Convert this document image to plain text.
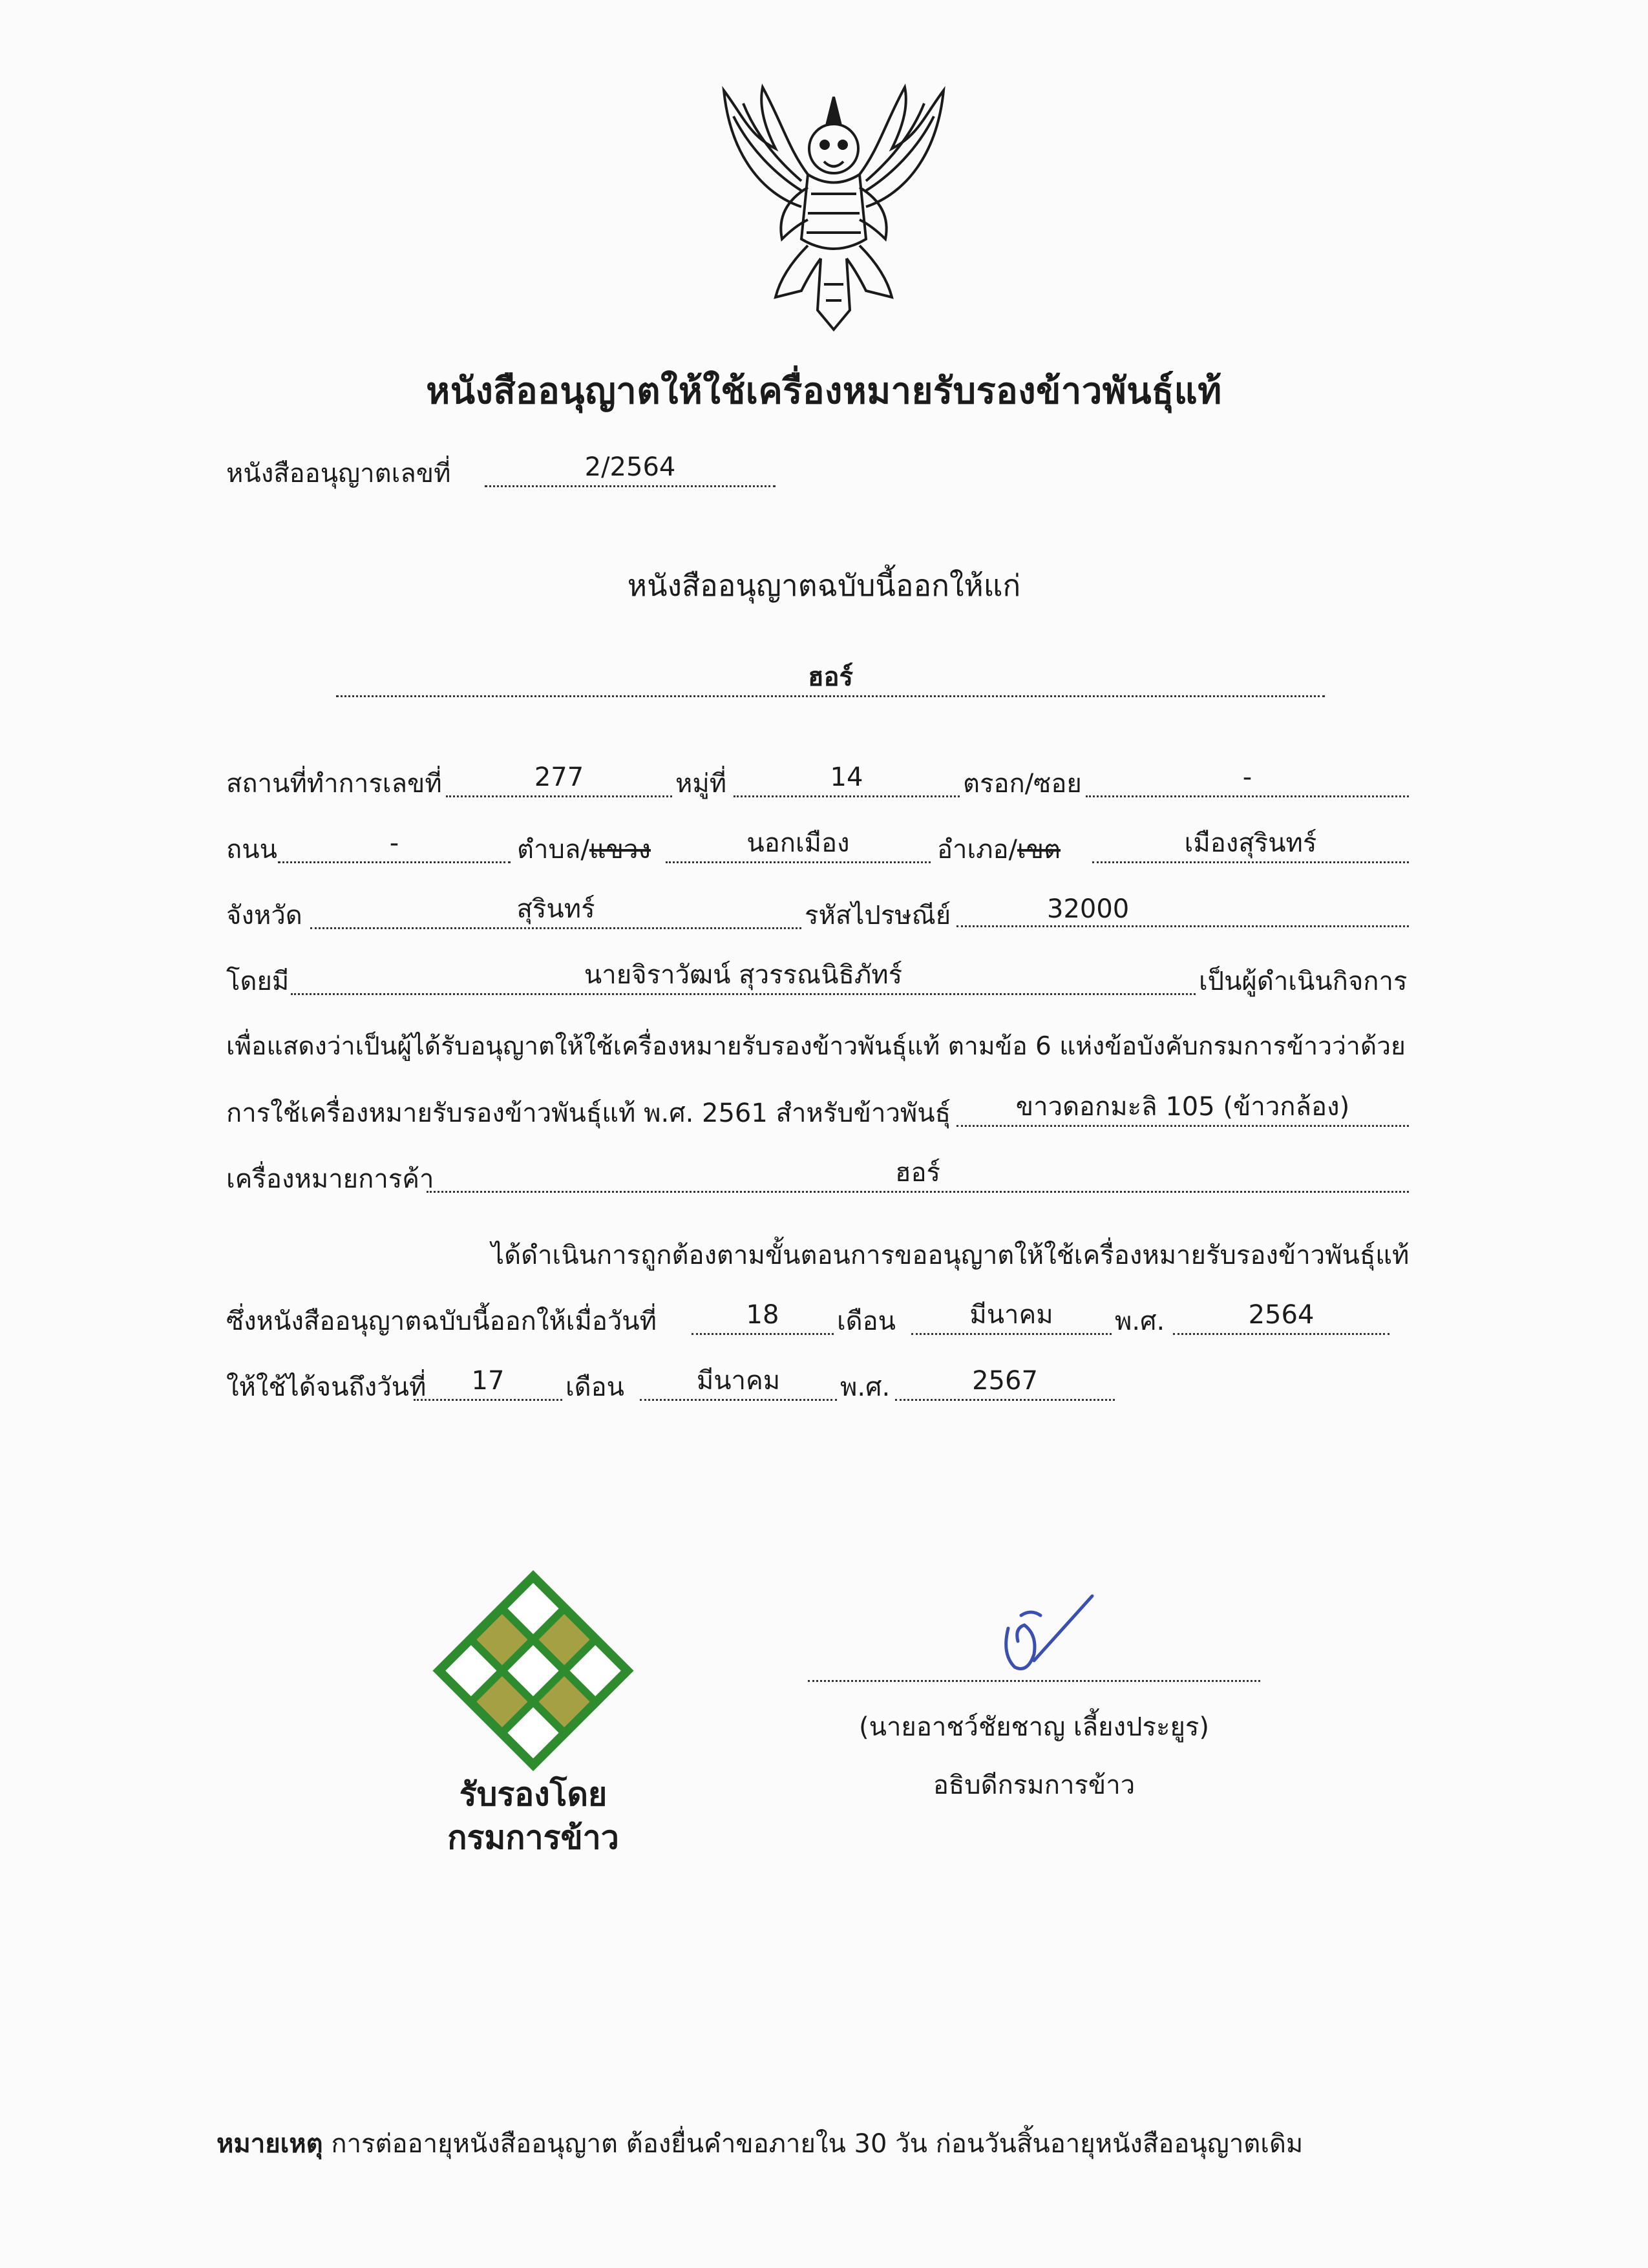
หนังสืออนุญาตให้ใช้เครื่องหมายรับรองข้าวพันธุ์แท้
หนังสืออนุญาตเลขที่	2/2564
หนังสืออนุญาตฉบับนี้ออกให้แก่
ฮอร์
สถานที่ทำการเลขที่	277	หมู่ที่	14	ตรอก/ซอย	-
ถนน	-	ตำบล/แขวง	นอกเมือง	อำเภอ/เขต	เมืองสุรินทร์
จังหวัด	สุรินทร์	รหัสไปรษณีย์	32000
โดยมี	นายจิราวัฒน์ สุวรรณนิธิภัทร์	เป็นผู้ดำเนินกิจการ
เพื่อแสดงว่าเป็นผู้ได้รับอนุญาตให้ใช้เครื่องหมายรับรองข้าวพันธุ์แท้ ตามข้อ 6 แห่งข้อบังคับกรมการข้าวว่าด้วย
การใช้เครื่องหมายรับรองข้าวพันธุ์แท้ พ.ศ. 2561 สำหรับข้าวพันธุ์	ขาวดอกมะลิ 105 (ข้าวกล้อง)
เครื่องหมายการค้า	ฮอร์
ได้ดำเนินการถูกต้องตามขั้นตอนการขออนุญาตให้ใช้เครื่องหมายรับรองข้าวพันธุ์แท้
ซึ่งหนังสืออนุญาตฉบับนี้ออกให้เมื่อวันที่	18	เดือน	มีนาคม	พ.ศ.	2564
ให้ใช้ได้จนถึงวันที่	17	เดือน	มีนาคม	พ.ศ.	2567
รับรองโดย
กรมการข้าว
(นายอาชว์ชัยชาญ เลี้ยงประยูร)
อธิบดีกรมการข้าว
หมายเหตุ การต่ออายุหนังสืออนุญาต ต้องยื่นคำขอภายใน 30 วัน ก่อนวันสิ้นอายุหนังสืออนุญาตเดิม
